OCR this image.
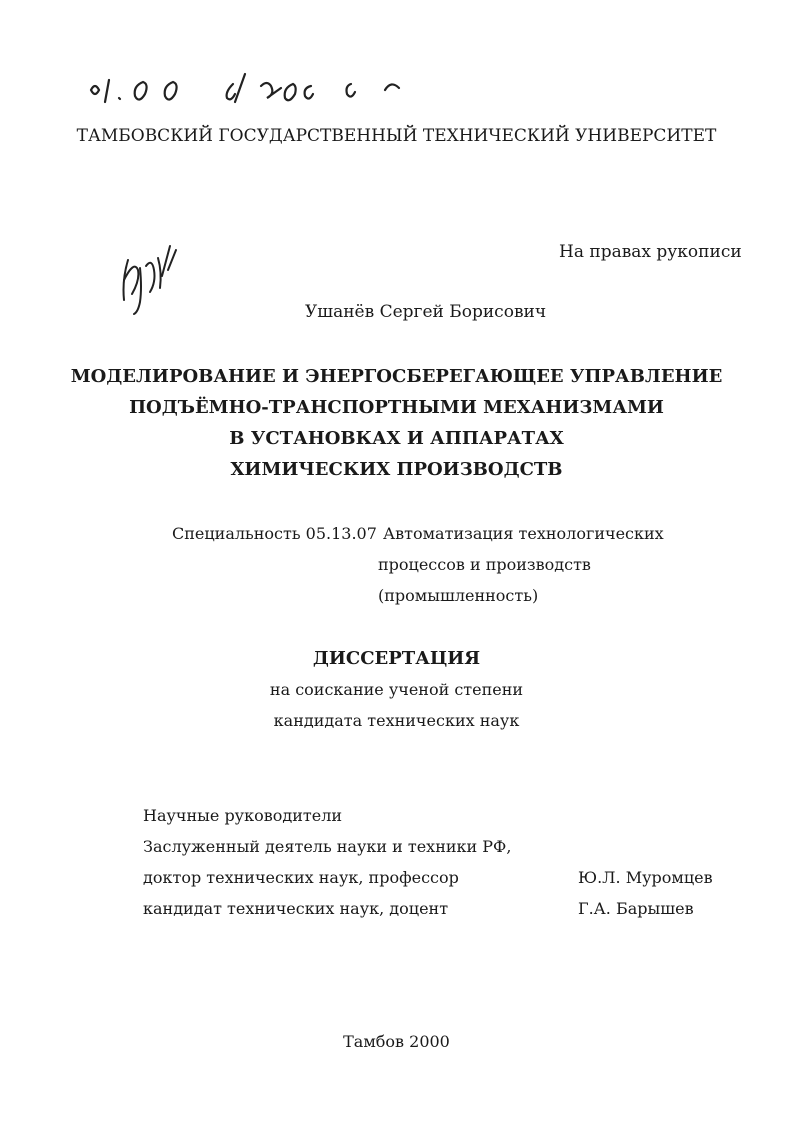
ТАМБОВСКИЙ ГОСУДАРСТВЕННЫЙ ТЕХНИЧЕСКИЙ УНИВЕРСИТЕТ
На правах рукописи
Ушанёв Сергей Борисович
МОДЕЛИРОВАНИЕ И ЭНЕРГОСБЕРЕГАЮЩЕЕ УПРАВЛЕНИЕ
ПОДЪЁМНО-ТРАНСПОРТНЫМИ МЕХАНИЗМАМИ
В УСТАНОВКАХ И АППАРАТАХ
ХИМИЧЕСКИХ ПРОИЗВОДСТВ
Специальность 05.13.07 Автоматизация технологических
процессов и производств
(промышленность)
ДИССЕРТАЦИЯ
на соискание ученой степени
кандидата технических наук
Научные руководители
Заслуженный деятель науки и техники РФ,
доктор технических наук, профессор	Ю.Л. Муромцев
кандидат технических наук, доцент	Г.А. Барышев
Тамбов 2000
